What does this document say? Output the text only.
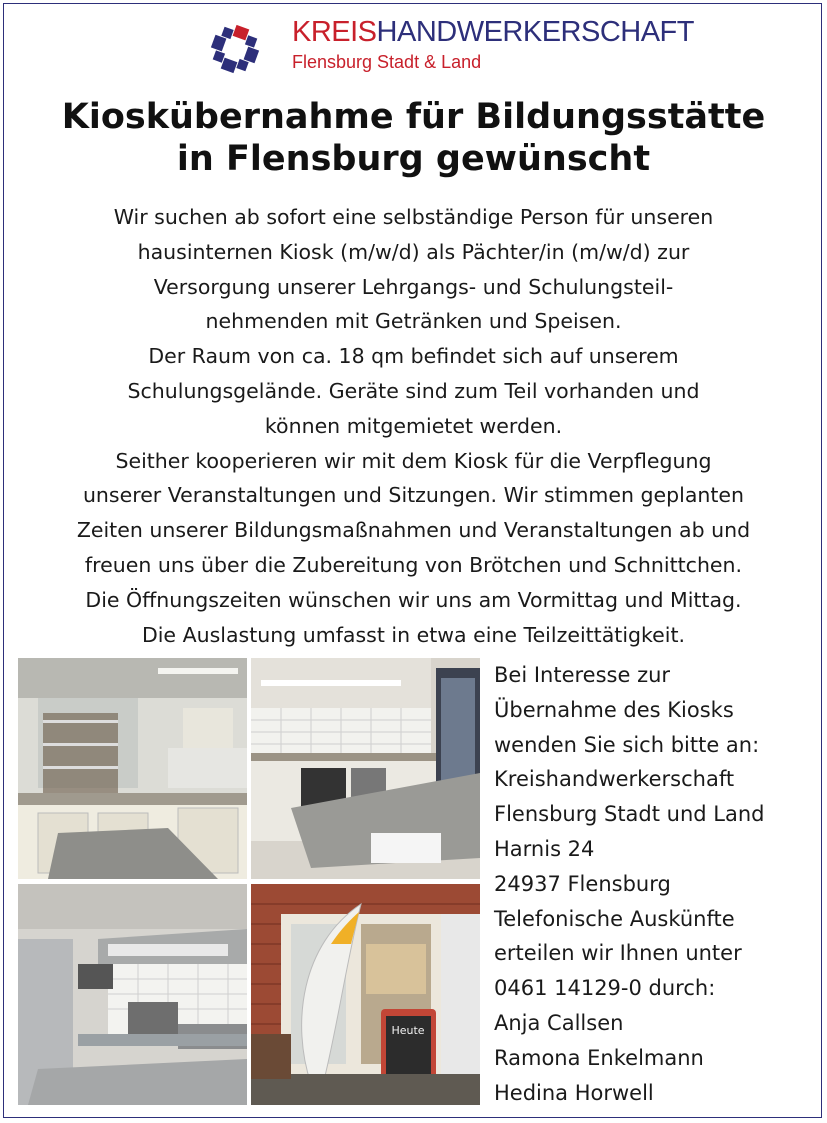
KREISHANDWERKERSCHAFT
Flensburg Stadt & Land
Kioskübernahme für Bildungsstätte
in Flensburg gewünscht
Wir suchen ab sofort eine selbständige Person für unseren
hausinternen Kiosk (m/w/d) als Pächter/in (m/w/d) zur
Versorgung unserer Lehrgangs- und Schulungsteil-
nehmenden mit Getränken und Speisen.
Der Raum von ca. 18 qm befindet sich auf unserem
Schulungsgelände. Geräte sind zum Teil vorhanden und
können mitgemietet werden.
Seither kooperieren wir mit dem Kiosk für die Verpflegung
unserer Veranstaltungen und Sitzungen. Wir stimmen geplanten
Zeiten unserer Bildungsmaßnahmen und Veranstaltungen ab und
freuen uns über die Zubereitung von Brötchen und Schnittchen.
Die Öffnungszeiten wünschen wir uns am Vormittag und Mittag.
Die Auslastung umfasst in etwa eine Teilzeittätigkeit.
Heute
Bei Interesse zur
Übernahme des Kiosks
wenden Sie sich bitte an:
Kreishandwerkerschaft
Flensburg Stadt und Land
Harnis 24
24937 Flensburg
Telefonische Auskünfte
erteilen wir Ihnen unter
0461 14129-0 durch:
Anja Callsen
Ramona Enkelmann
Hedina Horwell
